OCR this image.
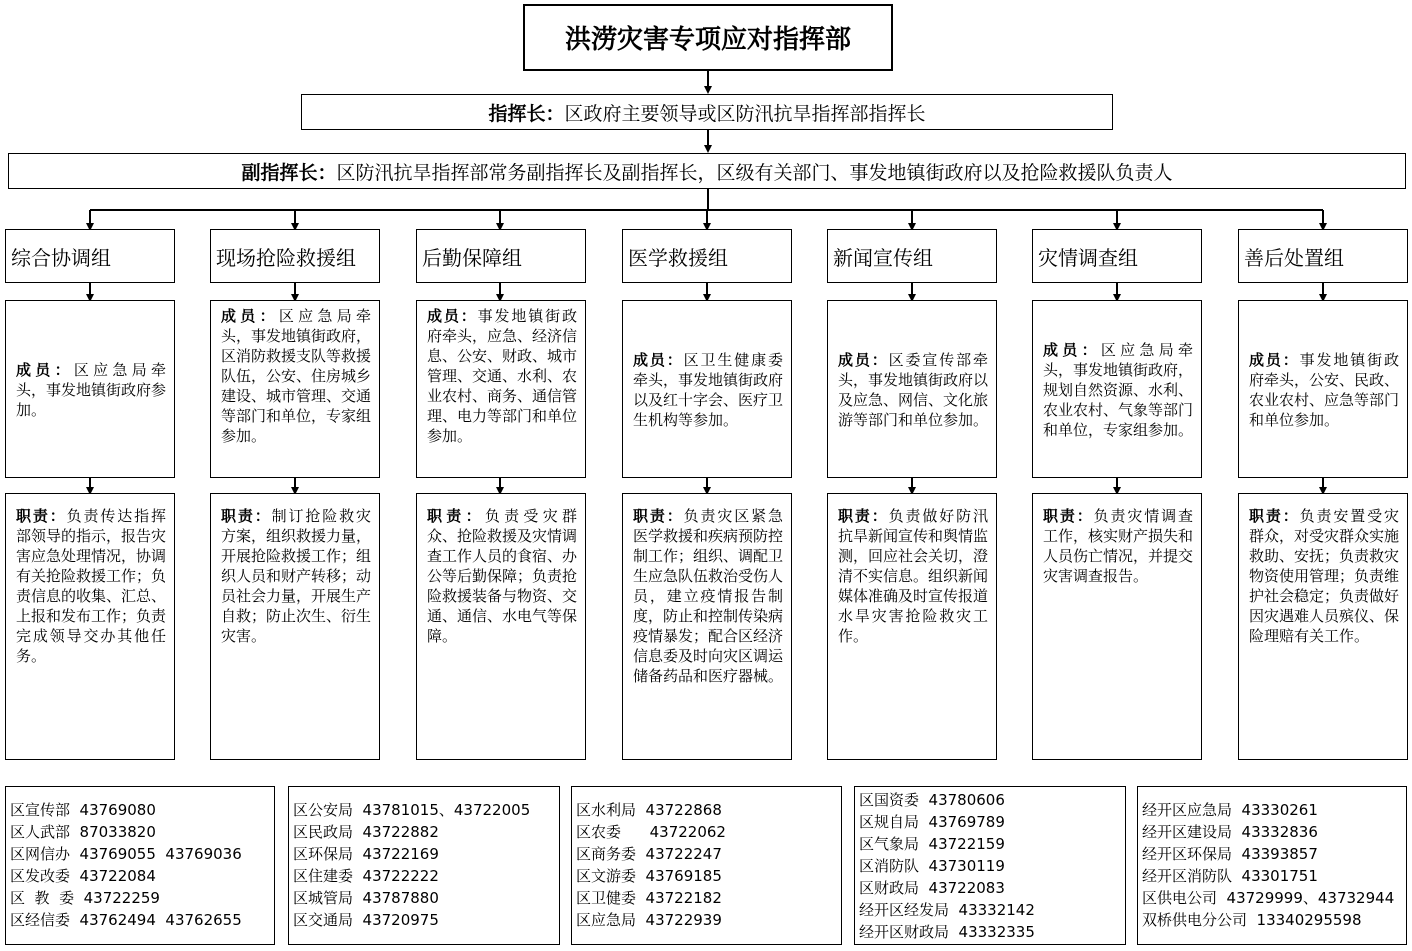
洪涝灾害专项应对指挥部
指挥长： 区政府主要领导或区防汛抗旱指挥部指挥长
副指挥长： 区防汛抗旱指挥部常务副指挥长及副指挥长，区级有关部门、事发地镇街政府以及抢险救援队负责人
综合协调组	现场抢险救援组	后勤保障组	医学救援组	新闻宣传组	灾情调查组	善后处置组
成员：区应急局牵头，事发地镇街政府参加。
成员：区应急局牵头，事发地镇街政府，区消防救援支队等救援队伍，公安、住房城乡建设、城市管理、交通等部门和单位，专家组参加。
成员：事发地镇街政府牵头，应急、经济信息、公安、财政、城市管理、交通、水利、农业农村、商务、通信管理、电力等部门和单位参加。
成员：区卫生健康委牵头，事发地镇街政府以及红十字会、医疗卫生机构等参加。
成员：区委宣传部牵头，事发地镇街政府以及应急、网信、文化旅游等部门和单位参加。
成员：区应急局牵头，事发地镇街政府，规划自然资源、水利、农业农村、气象等部门和单位，专家组参加。
成员：事发地镇街政府牵头，公安、民政、农业农村、应急等部门和单位参加。
职责：负责传达指挥部领导的指示，报告灾害应急处理情况，协调有关抢险救援工作；负责信息的收集、汇总、上报和发布工作；负责完成领导交办其他任务。
职责：制订抢险救灾方案，组织救援力量，开展抢险救援工作；组织人员和财产转移；动员社会力量，开展生产自救；防止次生、衍生灾害。
职责：负责受灾群众、抢险救援及灾情调查工作人员的食宿、办公等后勤保障；负责抢险救援装备与物资、交通、通信、水电气等保障。
职责：负责灾区紧急医学救援和疾病预防控制工作；组织、调配卫生应急队伍救治受伤人员，建立疫情报告制度，防止和控制传染病疫情暴发；配合区经济信息委及时向灾区调运储备药品和医疗器械。
职责：负责做好防汛抗旱新闻宣传和舆情监测，回应社会关切，澄清不实信息。组织新闻媒体准确及时宣传报道水旱灾害抢险救灾工作。
职责：负责灾情调查工作，核实财产损失和人员伤亡情况，并提交灾害调查报告。
职责：负责安置受灾群众，对受灾群众实施救助、安抚；负责救灾物资使用管理；负责维护社会稳定；负责做好因灾遇难人员殡仪、保险理赔有关工作。
区宣传部  43769080
区人武部  87033820
区网信办  43769055  43769036
区发改委  43722084
区  教  委  43722259
区经信委  43762494  43762655
区公安局  43781015、43722005
区民政局  43722882
区环保局  43722169
区住建委  43722222
区城管局  43787880
区交通局  43720975
区水利局  43722868
区农委      43722062
区商务委  43722247
区文游委  43769185
区卫健委  43722182
区应急局  43722939
区国资委  43780606
区规自局  43769789
区气象局  43722159
区消防队  43730119
区财政局  43722083
经开区经发局  43332142
经开区财政局  43332335
经开区应急局  43330261
经开区建设局  43332836
经开区环保局  43393857
经开区消防队  43301751
区供电公司  43729999、43732944
双桥供电分公司  13340295598
